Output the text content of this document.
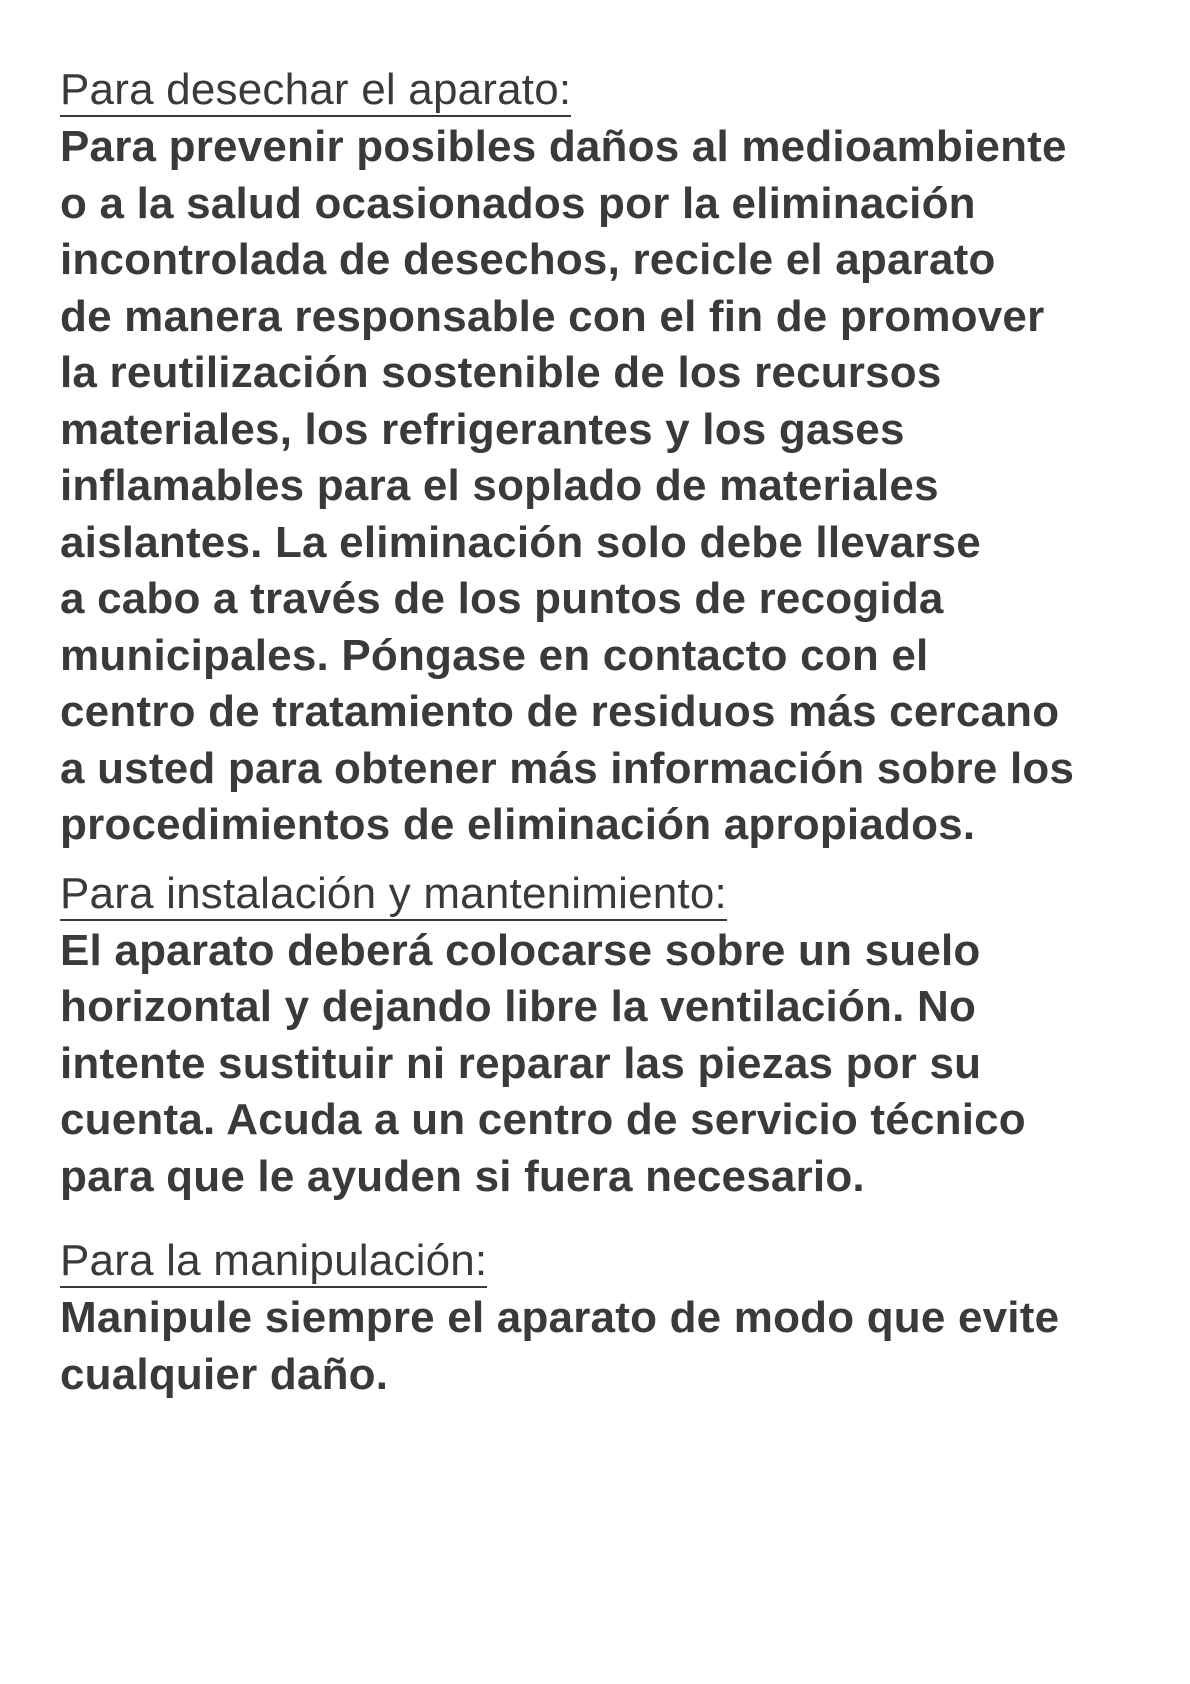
Para desechar el aparato:
Para prevenir posibles daños al medioambiente
o a la salud ocasionados por la eliminación
incontrolada de desechos, recicle el aparato
de manera responsable con el fin de promover
la reutilización sostenible de los recursos
materiales, los refrigerantes y los gases
inflamables para el soplado de materiales
aislantes. La eliminación solo debe llevarse
a cabo a través de los puntos de recogida
municipales. Póngase en contacto con el
centro de tratamiento de residuos más cercano
a usted para obtener más información sobre los
procedimientos de eliminación apropiados.
Para instalación y mantenimiento:
El aparato deberá colocarse sobre un suelo
horizontal y dejando libre la ventilación. No
intente sustituir ni reparar las piezas por su
cuenta. Acuda a un centro de servicio técnico
para que le ayuden si fuera necesario.
Para la manipulación:
Manipule siempre el aparato de modo que evite
cualquier daño.
